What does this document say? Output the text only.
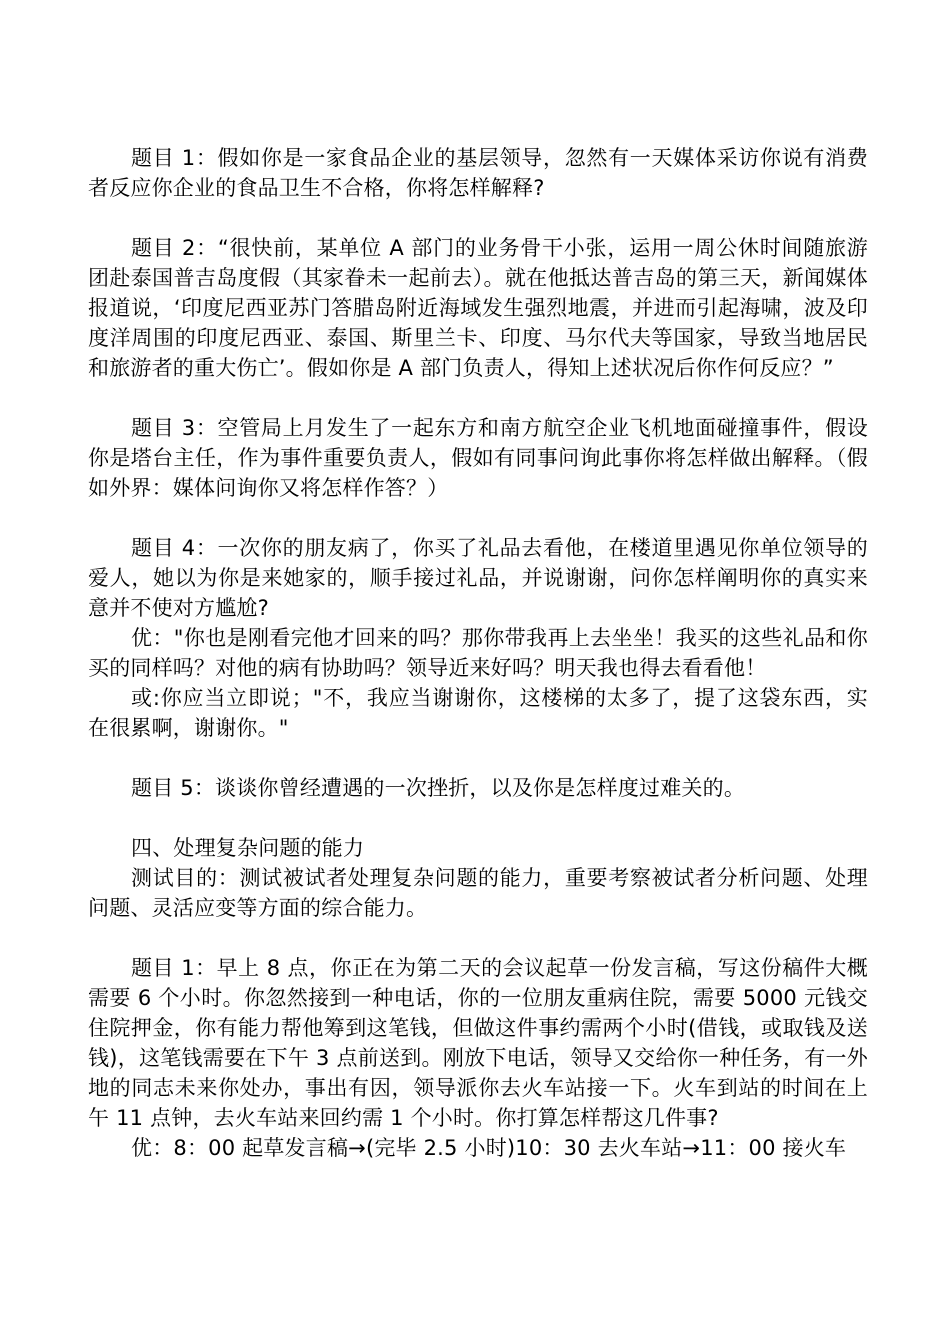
题目 1：假如你是一家食品企业的基层领导，忽然有一天媒体采访你说有消费者反应你企业的食品卫生不合格，你将怎样解释?

题目 2：“很快前，某单位 A 部门的业务骨干小张，运用一周公休时间随旅游团赴泰国普吉岛度假（其家眷未一起前去）。就在他抵达普吉岛的第三天，新闻媒体报道说，‘印度尼西亚苏门答腊岛附近海域发生强烈地震，并进而引起海啸，波及印度洋周围的印度尼西亚、泰国、斯里兰卡、印度、马尔代夫等国家，导致当地居民和旅游者的重大伤亡’。假如你是 A 部门负责人，得知上述状况后你作何反应？”

题目 3：空管局上月发生了一起东方和南方航空企业飞机地面碰撞事件，假设你是塔台主任，作为事件重要负责人，假如有同事问询此事你将怎样做出解释。（假如外界：媒体问询你又将怎样作答？）

题目 4：一次你的朋友病了，你买了礼品去看他，在楼道里遇见你单位领导的爱人，她以为你是来她家的，顺手接过礼品，并说谢谢，问你怎样阐明你的真实来意并不使对方尴尬?

优："你也是刚看完他才回来的吗？那你带我再上去坐坐！我买的这些礼品和你买的同样吗？对他的病有协助吗？领导近来好吗？明天我也得去看看他！

或:你应当立即说；"不，我应当谢谢你，这楼梯的太多了，提了这袋东西，实在很累啊，谢谢你。"

题目 5：谈谈你曾经遭遇的一次挫折，以及你是怎样度过难关的。

四、处理复杂问题的能力

测试目的：测试被试者处理复杂问题的能力，重要考察被试者分析问题、处理问题、灵活应变等方面的综合能力。

题目 1：早上 8 点，你正在为第二天的会议起草一份发言稿，写这份稿件大概需要 6 个小时。你忽然接到一种电话，你的一位朋友重病住院，需要 5000 元钱交住院押金，你有能力帮他筹到这笔钱，但做这件事约需两个小时(借钱，或取钱及送钱)，这笔钱需要在下午 3 点前送到。刚放下电话，领导又交给你一种任务，有一外地的同志未来你处办，事出有因，领导派你去火车站接一下。火车到站的时间在上午 11 点钟，去火车站来回约需 1 个小时。你打算怎样帮这几件事?

优：8：00 起草发言稿→(完毕 2.5 小时)10：30 去火车站→11：00 接火车
